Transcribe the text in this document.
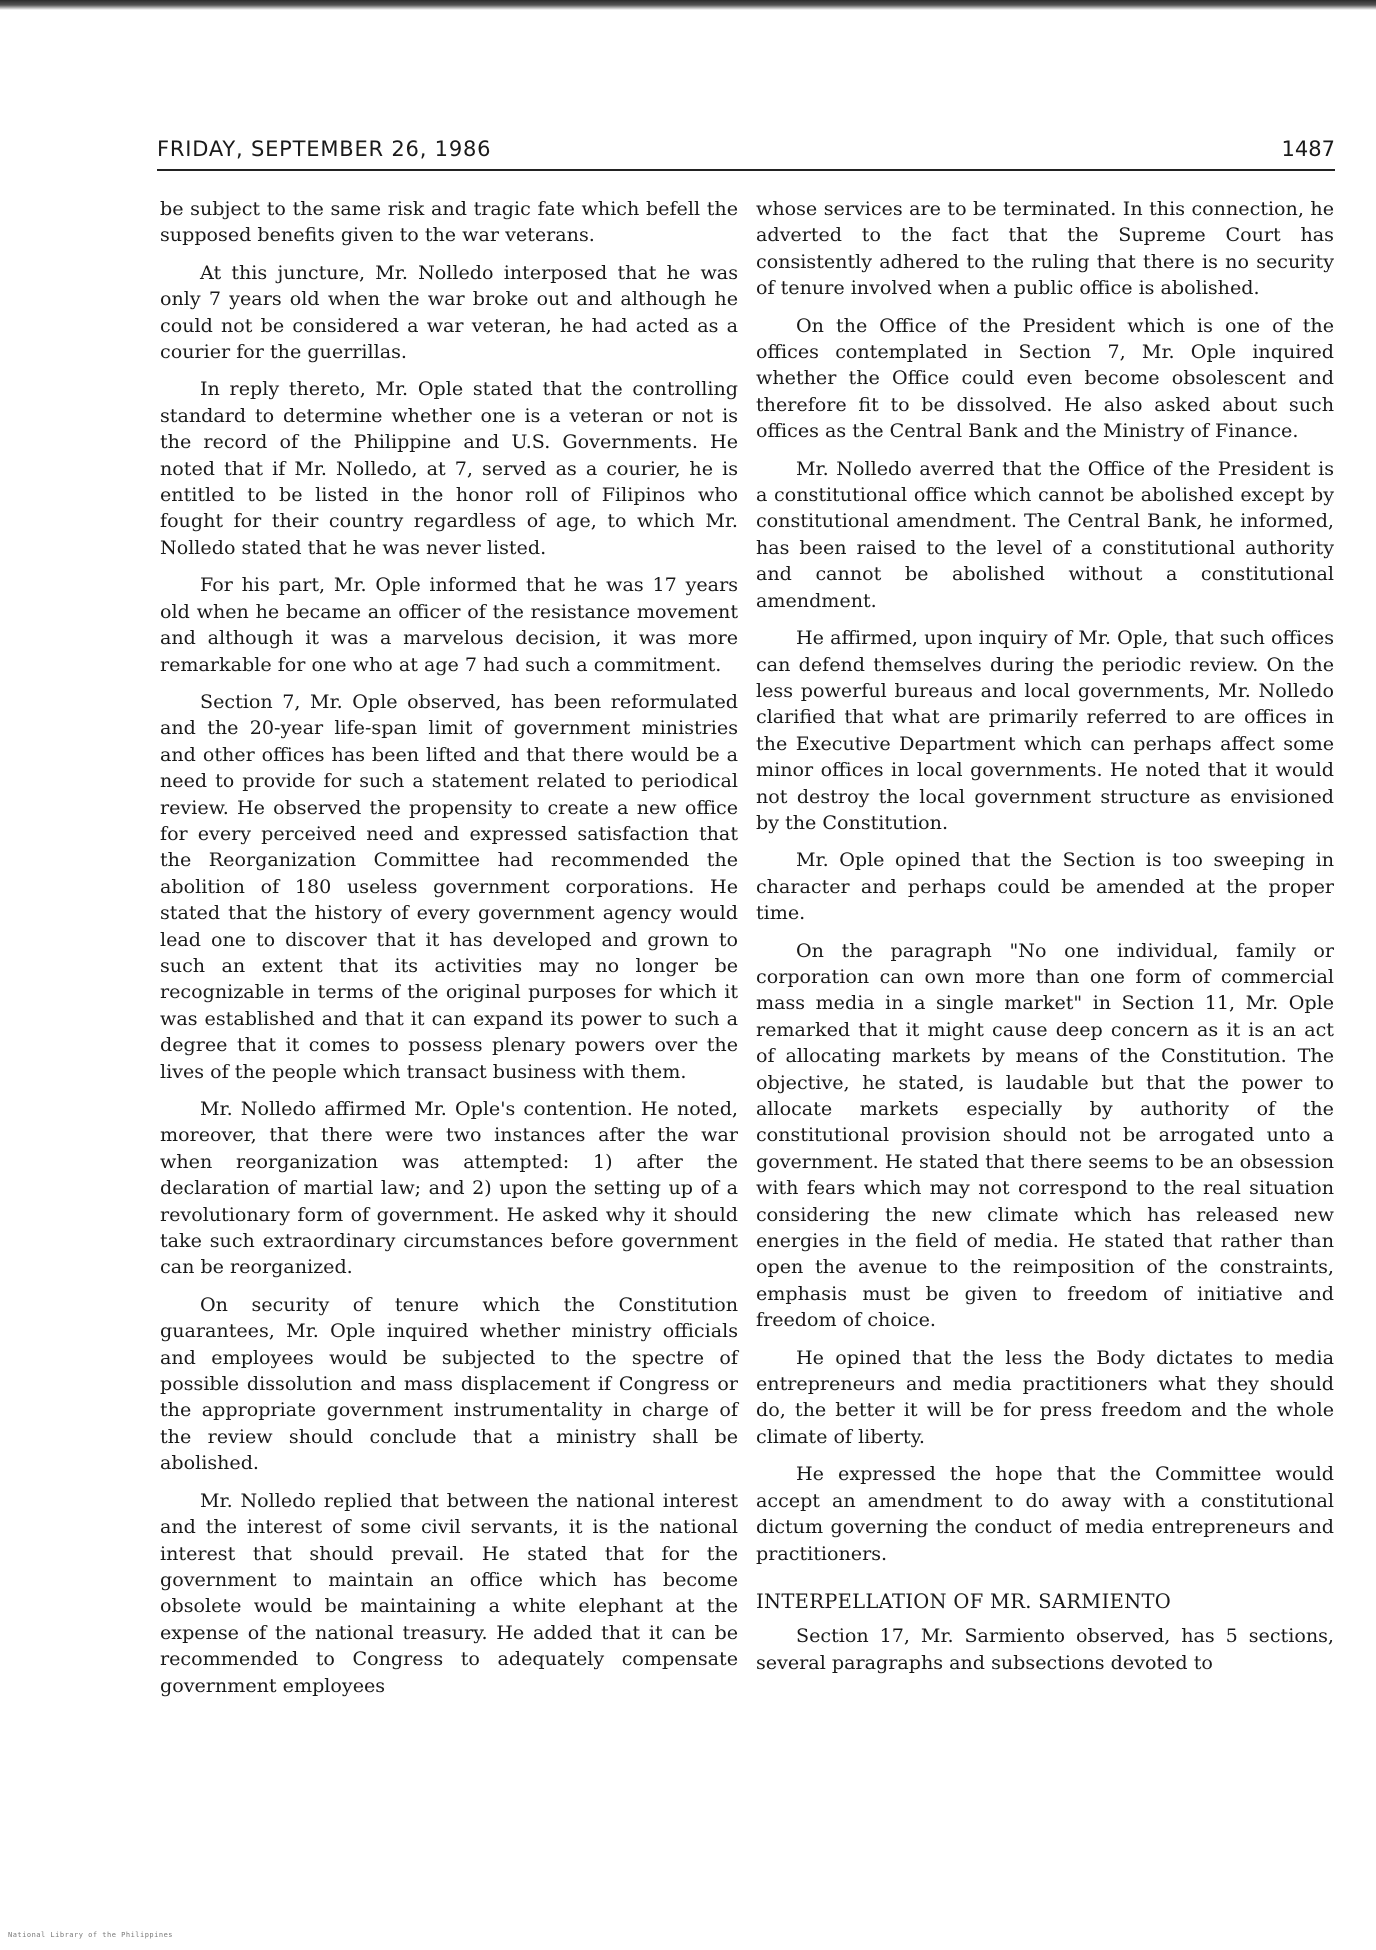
FRIDAY, SEPTEMBER 26, 1986	1487

be subject to the same risk and tragic fate which befell the supposed benefits given to the war veterans.

At this juncture, Mr. Nolledo interposed that he was only 7 years old when the war broke out and although he could not be considered a war veteran, he had acted as a courier for the guerrillas.

In reply thereto, Mr. Ople stated that the controlling standard to determine whether one is a veteran or not is the record of the Philippine and U.S. Governments. He noted that if Mr. Nolledo, at 7, served as a courier, he is entitled to be listed in the honor roll of Filipinos who fought for their country regardless of age, to which Mr. Nolledo stated that he was never listed.

For his part, Mr. Ople informed that he was 17 years old when he became an officer of the resistance movement and although it was a marvelous decision, it was more remarkable for one who at age 7 had such a commitment.

Section 7, Mr. Ople observed, has been reformulated and the 20-year life-span limit of government ministries and other offices has been lifted and that there would be a need to provide for such a statement related to periodical review. He observed the propensity to create a new office for every perceived need and expressed satisfaction that the Reorganization Committee had recommended the abolition of 180 useless government corporations. He stated that the history of every government agency would lead one to discover that it has developed and grown to such an extent that its activities may no longer be recognizable in terms of the original purposes for which it was established and that it can expand its power to such a degree that it comes to possess plenary powers over the lives of the people which transact business with them.

Mr. Nolledo affirmed Mr. Ople's contention. He noted, moreover, that there were two instances after the war when reorganization was attempted: 1) after the declaration of martial law; and 2) upon the setting up of a revolutionary form of government. He asked why it should take such extraordinary circumstances before government can be reorganized.

On security of tenure which the Constitution guarantees, Mr. Ople inquired whether ministry officials and employees would be subjected to the spectre of possible dissolution and mass displacement if Congress or the appropriate government instrumentality in charge of the review should conclude that a ministry shall be abolished.

Mr. Nolledo replied that between the national interest and the interest of some civil servants, it is the national interest that should prevail. He stated that for the government to maintain an office which has become obsolete would be maintaining a white elephant at the expense of the national treasury. He added that it can be recommended to Congress to adequately compensate government employees

whose services are to be terminated. In this connection, he adverted to the fact that the Supreme Court has consistently adhered to the ruling that there is no security of tenure involved when a public office is abolished.

On the Office of the President which is one of the offices contemplated in Section 7, Mr. Ople inquired whether the Office could even become obsolescent and therefore fit to be dissolved. He also asked about such offices as the Central Bank and the Ministry of Finance.

Mr. Nolledo averred that the Office of the President is a constitutional office which cannot be abolished except by constitutional amendment. The Central Bank, he informed, has been raised to the level of a constitutional authority and cannot be abolished without a constitutional amendment.

He affirmed, upon inquiry of Mr. Ople, that such offices can defend themselves during the periodic review. On the less powerful bureaus and local governments, Mr. Nolledo clarified that what are primarily referred to are offices in the Executive Department which can perhaps affect some minor offices in local governments. He noted that it would not destroy the local government structure as envisioned by the Constitution.

Mr. Ople opined that the Section is too sweeping in character and perhaps could be amended at the proper time.

On the paragraph "No one individual, family or corporation can own more than one form of commercial mass media in a single market" in Section 11, Mr. Ople remarked that it might cause deep concern as it is an act of allocating markets by means of the Constitution. The objective, he stated, is laudable but that the power to allocate markets especially by authority of the constitutional provision should not be arrogated unto a government. He stated that there seems to be an obsession with fears which may not correspond to the real situation considering the new climate which has released new energies in the field of media. He stated that rather than open the avenue to the reimposition of the constraints, emphasis must be given to freedom of initiative and freedom of choice.

He opined that the less the Body dictates to media entrepreneurs and media practitioners what they should do, the better it will be for press freedom and the whole climate of liberty.

He expressed the hope that the Committee would accept an amendment to do away with a constitutional dictum governing the conduct of media entrepreneurs and practitioners.

INTERPELLATION OF MR. SARMIENTO

Section 17, Mr. Sarmiento observed, has 5 sections, several paragraphs and subsections devoted to

National Library of the Philippines
